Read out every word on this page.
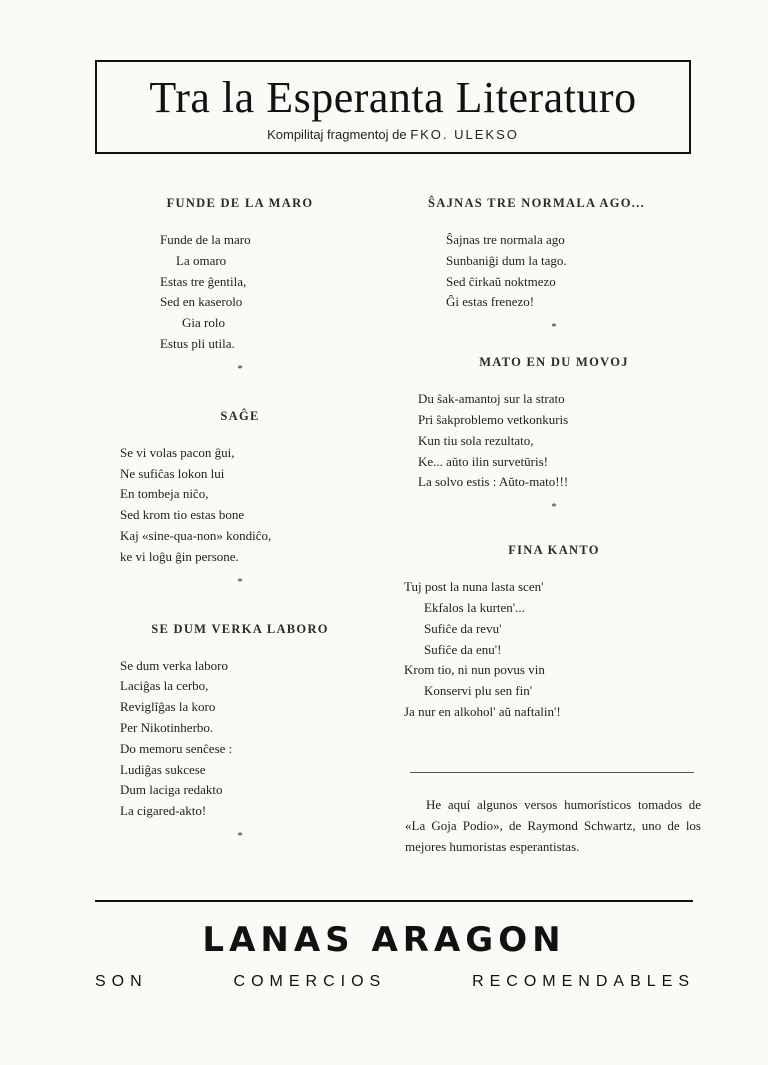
Tra la Esperanta Literaturo
Kompilitaj fragmentoj de FKO. ULEKSO
FUNDE DE LA MARO
Funde de la maro
La omaro
Estas tre ĝentila,
Sed en kaserolo
Gia rolo
Estus pli utila.
*
SAĜE
Se vi volas pacon ĝui,
Ne sufiĉas lokon lui
En tombeja niĉo,
Sed krom tio estas bone
Kaj «sine-qua-non» kondiĉo,
ke vi loĝu ĝin persone.
*
SE DUM VERKA LABORO
Se dum verka laboro
Laciĝas la cerbo,
Reviglîĝas la koro
Per Nikotinherbo.
Do memoru senĉese :
Ludiĝas sukcese
Dum laciga redakto
La cigared-akto!
*
ŜAJNAS TRE NORMALA AGO...
Ŝajnas tre normala ago
Sunbaniĝi dum la tago.
Sed ĉirkaŭ noktmezo
Ĝi estas frenezo!
*
MATO EN DU MOVOJ
Du ŝak-amantoj sur la strato
Pri ŝakproblemo vetkonkuris
Kun tiu sola rezultato,
Ke... aŭto ilin survetūris!
La solvo estis : Aŭto-mato!!!
*
FINA KANTO
Tuj post la nuna lasta scen'
Ekfalos la kurten'...
Sufiĉe da revu'
Sufiĉe da enu'!
Krom tio, ni nun povus vin
Konservi plu sen fin'
Ja nur en alkohol' aŭ naftalin'!
He aquí algunos versos humorísticos tomados de «La Goja Podio», de Raymond Schwartz, uno de los mejores humoristas esperantistas.
LANAS ARAGON
SON	COMERCIOS	RECOMENDABLES
